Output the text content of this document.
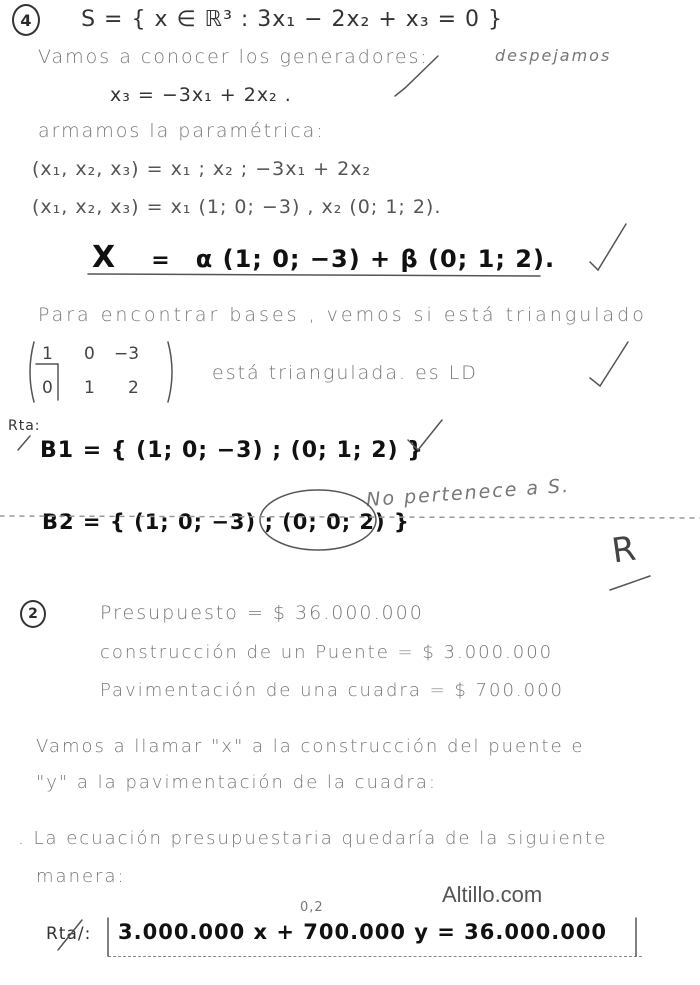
4 S = { x ∈ ℝ³ : 3x₁ − 2x₂ + x₃ = 0 }
Vamos a conocer los generadores:	despejamos
x₃ = −3x₁ + 2x₂ .
armamos la paramétrica:
(x₁, x₂, x₃) = x₁ ; x₂ ; −3x₁ + 2x₂
(x₁, x₂, x₃) = x₁ (1; 0; −3) , x₂ (0; 1; 2).
X = α (1; 0; −3) + β (0; 1; 2).
Para encontrar bases , vemos si está triangulado
1 0 −3
0 1 2
está triangulada. es LD
Rta:
B1 = { (1; 0; −3) ; (0; 1; 2) }
B2 = { (1; 0; −3) ; (0; 0; 2) }
No pertenece a S.
R
2	Presupuesto = $ 36.000.000
construcción de un Puente = $ 3.000.000
Pavimentación de una cuadra = $ 700.000
Vamos a llamar "x" a la construcción del puente e
"y" a la pavimentación de la cuadra:
. La ecuación presupuestaria quedaría de la siguiente
manera:
Altillo.com
0,2
Rta/: 3.000.000 x + 700.000 y = 36.000.000
